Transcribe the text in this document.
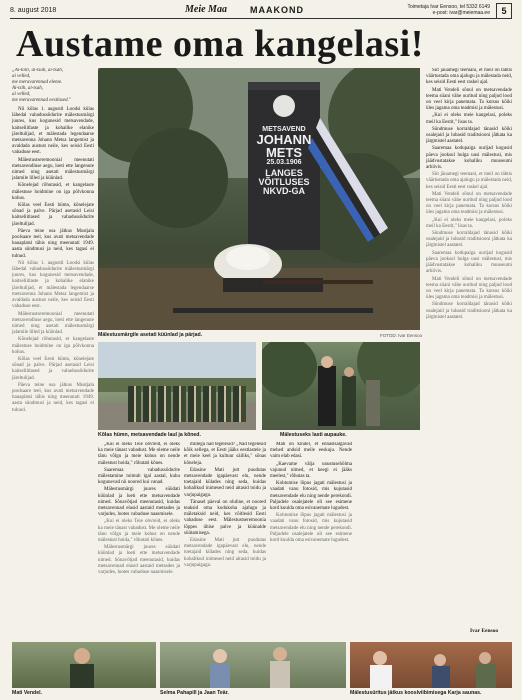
8. august 2018	Meie Maa	MAAKOND	Toimetaja Ivar Eensoo, tel 5332 6149
e-post: ivar@meiemaa.ee	5
Austame oma kangelasi!
„Ai-tõlli, ai-tsah, ai-tsah,
ai velled,
me meravarennad eleme.
Ai-tsih, ai-tsah,
ai velled,
me meravarennad eestlased."

Nii kõlas 1. augustil Loodsi külas lähedal vabadussõdurite mälestusmärgi juures, kus kogunesid metsavendade, kaitseliitlaste ja kohalike elanike järeltulijad, et mälestada legendaarse metsavenna Johann Metsa langemist ja avaldada austust neile, kes seisid Eesti vabaduse eest.

Mälestustseremoonial meenutati metsavendluse aegu, loeti ette langenute nimed ning asetati mälestusmärgi jalamile lilled ja küünlad.

Kõnelejad rõhutasid, et kangelaste mälestuse hoidmine on iga põlvkonna kohus.

Kõlas veel Eesti hümn, kõnelejate sõnad ja palve. Pärjad asetasid Leisi kaitseliitlased ja vabadussõdurite järeltulijad.

Päeva teine osa jätkus Mustjala poolsaare teel, kus avati metsavendade hauaplatsi tähis ning meenutati 1949. aasta sündmusi ja neid, kes tagasi ei tulnud.

Nii kõlas 1. augustil Loodsi külas lähedal vabadussõdurite mälestusmärgi juures, kus kogunesid metsavendade, kaitseliitlaste ja kohalike elanike järeltulijad, et mälestada legendaarse metsavenna Johann Metsa langemist ja avaldada austust neile, kes seisid Eesti vabaduse eest.

Mälestustseremoonial meenutati metsavendluse aegu, loeti ette langenute nimed ning asetati mälestusmärgi jalamile lilled ja küünlad.

Kõnelejad rõhutasid, et kangelaste mälestuse hoidmine on iga põlvkonna kohus.

Kõlas veel Eesti hümn, kõnelejate sõnad ja palve. Pärjad asetasid Leisi kaitseliitlased ja vabadussõdurite järeltulijad.

Päeva teine osa jätkus Mustjala poolsaare teel, kus avati metsavendade hauaplatsi tähis ning meenutati 1949. aasta sündmusi ja neid, kes tagasi ei tulnud.

METSAVEND
JOHANN
METS
25.03.1906
LANGES
VÕITLUSES
NKVD-GA
Mälestusmärgile asetati küünlad ja pärjad.	FOTOD: Ivar Eensoo
Kõlas hümn, metsavendade laul ja kõned.	Mälestuseks lasti aupauke.

„Kui ei oleks Teie ohvreid, ei oleks ka meie tänast vabadust. Me oleme neile tänu võlgu ja meie kohus on nende mälestust hoida," rõhutati kõnes.

Saaremaa vabadussõdurite mälestamine toimub igal aastal, kuhu kogunevad nii noored kui vanad.

Mälestusmärgi juures süüdati küünlad ja loeti ette metsavendade nimed. Sõnavõtjad meenutasid, kuidas metsavennad elasid aastaid metsades ja varjudes, lootes vabaduse naasmisele.

„Kui ei oleks Teie ohvreid, ei oleks ka meie tänast vabadust. Me oleme neile tänu võlgu ja meie kohus on nende mälestust hoida," rõhutati kõnes.

Mälestusmärgi juures süüdati küünlad ja loeti ette metsavendade nimed. Sõnavõtjad meenutasid, kuidas metsavennad elasid aastaid metsades ja varjudes, lootes vabaduse naasmisele.

millega nad tegelesid? „Nad tegelesid kõik sellega, et Eesti jääks eestlastele ja et meie keel ja kultuur säiliks," sõnas kõneleja.

Edasine Mati jutt puudutas metsavendade igapäevast elu, nende toetajaid külades ning seda, kuidas kohalikud inimesed neid aitasid toidu ja varjupaigaga.

Tänasel päeval on oluline, et noored teaksid oma kodukoha ajalugu ja mäletaksid neid, kes võitlesid Eesti vabaduse eest. Mälestustseremoonia lõppes ühise palve ja küünalde süütamisega.

Edasine Mati jutt puudutas metsavendade igapäevast elu, nende toetajaid külades ning seda, kuidas kohalikud inimesed neid aitasid toidu ja varjupaigaga.

Mati on kindel, et ennastsalgavad mehed andsid meile eeskuju. Nende vaim elab edasi.

„Kaevame välja unustusehõlma vajunud nimed, et keegi ei jääks meelest," rõhutas ta.

Kohtumise lõpus jagati mälestusi ja vaadati vanu fotosid, mis kujutasid metsavendade elu ning nende perekondi. Paljudele osalejatele oli see esimene kord kuulda oma esivanemate lugudest.

Kohtumise lõpus jagati mälestusi ja vaadati vanu fotosid, mis kujutasid metsavendade elu ning nende perekondi. Paljudele osalejatele oli see esimene kord kuulda oma esivanemate lugudest.

Siit jäuamegi teemani, et meil on tähtis väärtustada oma ajalugu ja mälestada neid, kes seisid Eesti eest raskel ajal.

Mati Vendeli sõnul on metsavendade teema siiani vähe uuritud ning paljud lood on veel kirja panemata. Ta kutsus kõiki üles jagama oma teadmisi ja mälestusi.

„Kui ei oleks meie kangelasi, poleks meil ka Eestit," lisas ta.

Sündmuse korraldajad tänasid kõiki osalejaid ja lubasid traditsiooni jätkata ka järgmistel aastatel.

Saaremaa kodupaiga uurijad kogusid päeva jooksul hulga uusi mälestusi, mis jäädvustatakse kohaliku muuseumi arhiivis.

Siit jäuamegi teemani, et meil on tähtis väärtustada oma ajalugu ja mälestada neid, kes seisid Eesti eest raskel ajal.

Mati Vendeli sõnul on metsavendade teema siiani vähe uuritud ning paljud lood on veel kirja panemata. Ta kutsus kõiki üles jagama oma teadmisi ja mälestusi.

„Kui ei oleks meie kangelasi, poleks meil ka Eestit," lisas ta.

Sündmuse korraldajad tänasid kõiki osalejaid ja lubasid traditsiooni jätkata ka järgmistel aastatel.

Saaremaa kodupaiga uurijad kogusid päeva jooksul hulga uusi mälestusi, mis jäädvustatakse kohaliku muuseumi arhiivis.

Mati Vendeli sõnul on metsavendade teema siiani vähe uuritud ning paljud lood on veel kirja panemata. Ta kutsus kõiki üles jagama oma teadmisi ja mälestusi.

Sündmuse korraldajad tänasid kõiki osalejaid ja lubasid traditsiooni jätkata ka järgmistel aastatel.

Ivar Eensoo
Mati Vendel.	Selma Pahapill ja Jaan Teär.	Mälestusüritus jätkus kooslviibimisega Karja saunas.
